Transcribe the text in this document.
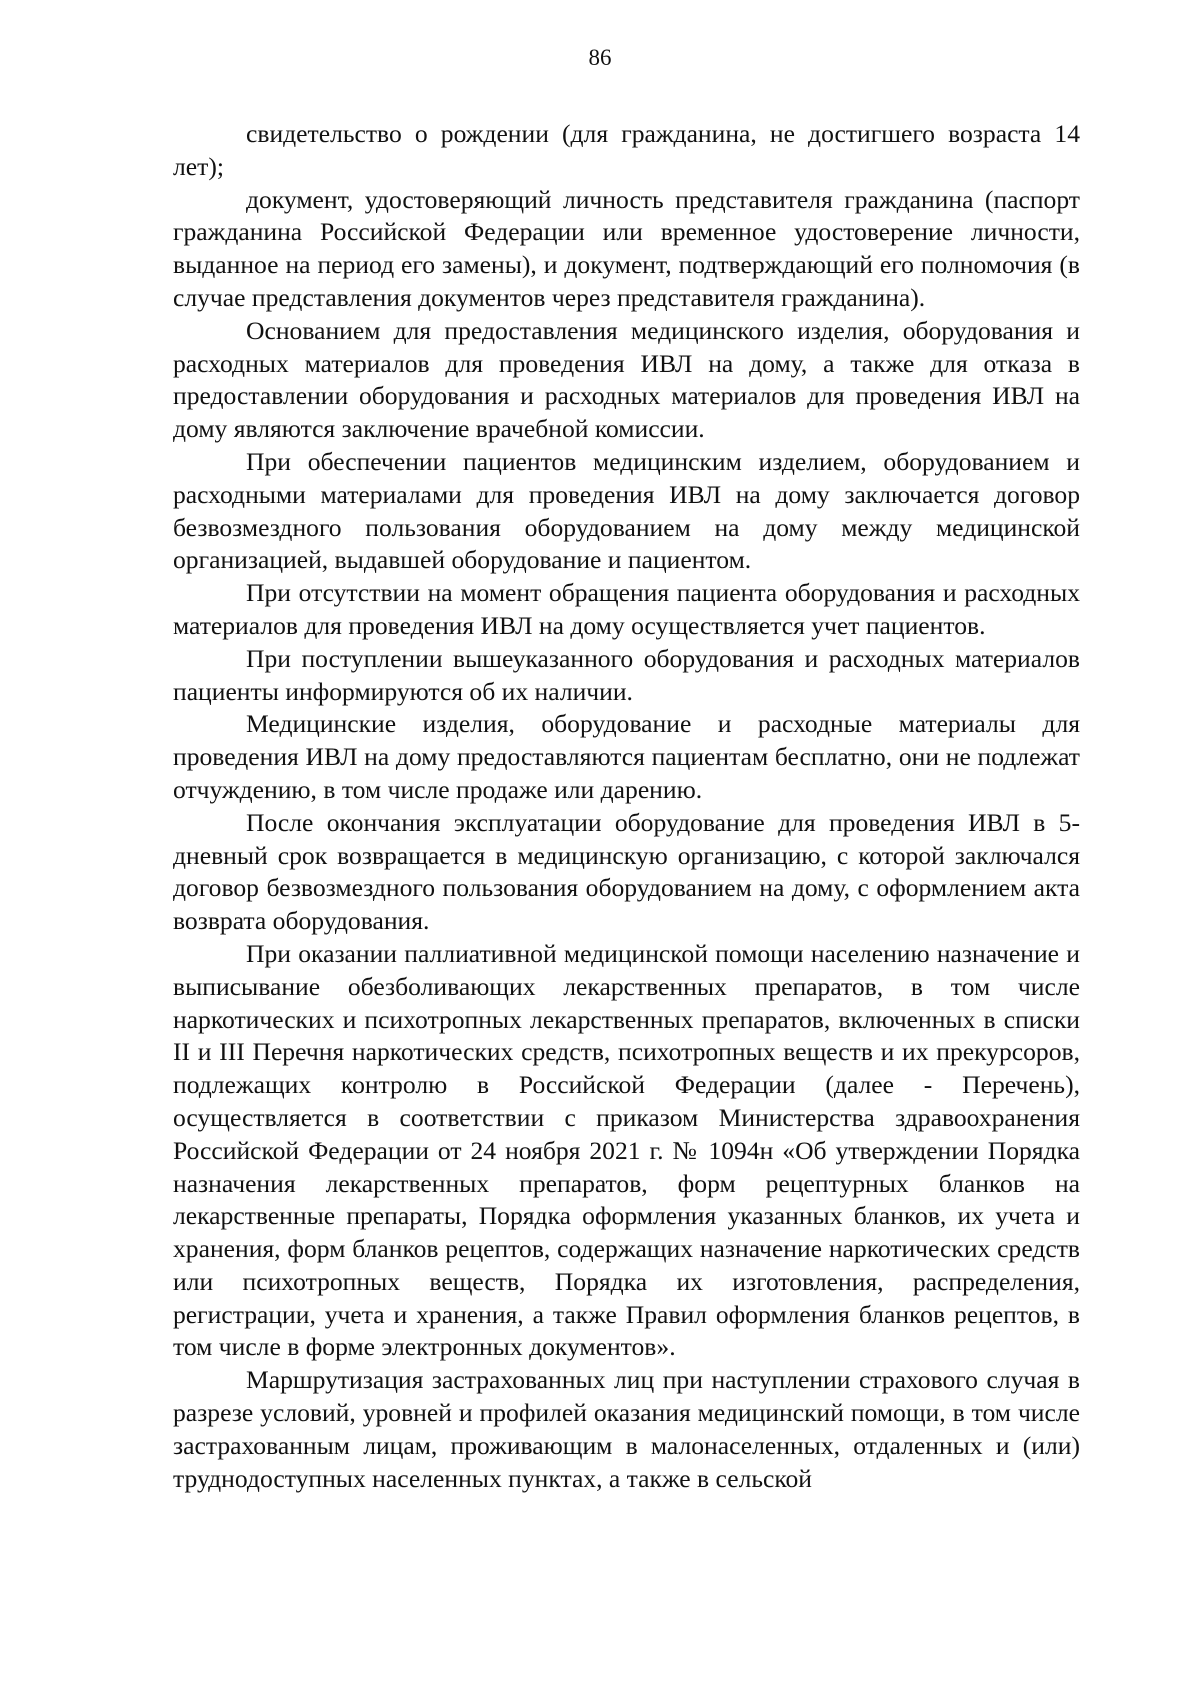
86

свидетельство о рождении (для гражданина, не достигшего возраста 14 лет);

документ, удостоверяющий личность представителя гражданина (паспорт гражданина Российской Федерации или временное удостоверение личности, выданное на период его замены), и документ, подтверждающий его полномочия (в случае представления документов через представителя гражданина).

Основанием для предоставления медицинского изделия, оборудования и расходных материалов для проведения ИВЛ на дому, а также для отказа в предоставлении оборудования и расходных материалов для проведения ИВЛ на дому являются заключение врачебной комиссии.

При обеспечении пациентов медицинским изделием, оборудованием и расходными материалами для проведения ИВЛ на дому заключается договор безвозмездного пользования оборудованием на дому между медицинской организацией, выдавшей оборудование и пациентом.

При отсутствии на момент обращения пациента оборудования и расходных материалов для проведения ИВЛ на дому осуществляется учет пациентов.

При поступлении вышеуказанного оборудования и расходных материалов пациенты информируются об их наличии.

Медицинские изделия, оборудование и расходные материалы для проведения ИВЛ на дому предоставляются пациентам бесплатно, они не подлежат отчуждению, в том числе продаже или дарению.

После окончания эксплуатации оборудование для проведения ИВЛ в 5-дневный срок возвращается в медицинскую организацию, с которой заключался договор безвозмездного пользования оборудованием на дому, с оформлением акта возврата оборудования.

При оказании паллиативной медицинской помощи населению назначение и выписывание обезболивающих лекарственных препаратов, в том числе наркотических и психотропных лекарственных препаратов, включенных в списки II и III Перечня наркотических средств, психотропных веществ и их прекурсоров, подлежащих контролю в Российской Федерации (далее - Перечень), осуществляется в соответствии с приказом Министерства здравоохранения Российской Федерации от 24 ноября 2021 г. № 1094н «Об утверждении Порядка назначения лекарственных препаратов, форм рецептурных бланков на лекарственные препараты, Порядка оформления указанных бланков, их учета и хранения, форм бланков рецептов, содержащих назначение наркотических средств или психотропных веществ, Порядка их изготовления, распределения, регистрации, учета и хранения, а также Правил оформления бланков рецептов, в том числе в форме электронных документов».

Маршрутизация застрахованных лиц при наступлении страхового случая в разрезе условий, уровней и профилей оказания медицинский помощи, в том числе застрахованным лицам, проживающим в малонаселенных, отдаленных и (или) труднодоступных населенных пунктах, а также в сельской
